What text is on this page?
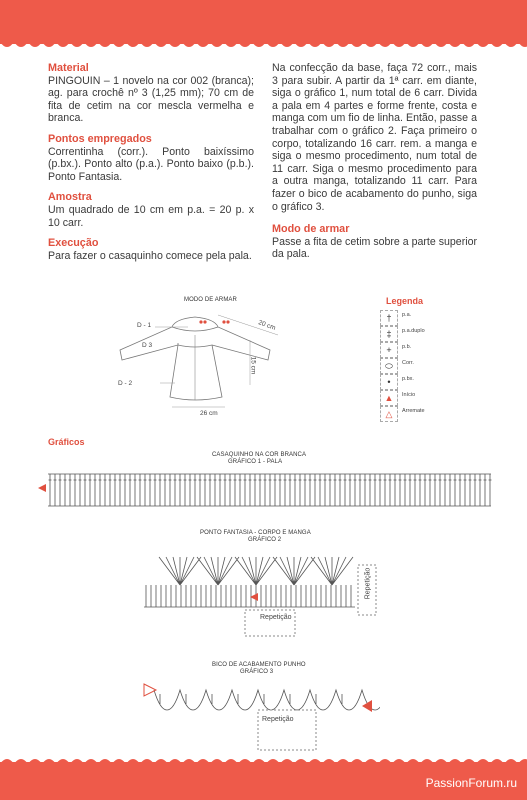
Material

PINGOUIN – 1 novelo na cor 002 (branca); ag. para crochê nº 3 (1,25 mm); 70 cm de fita de cetim na cor mescla vermelha e branca.

Pontos empregados

Correntinha (corr.). Ponto baixíssimo (p.bx.). Ponto alto (p.a.). Ponto baixo (p.b.). Ponto Fantasia.

Amostra

Um quadrado de 10 cm em p.a. = 20 p. x 10 carr.

Execução

Para fazer o casaquinho comece pela pala.

Na confecção da base, faça 72 corr., mais 3 para subir. A partir da 1ª carr. em diante, siga o gráfico 1, num total de 6 carr. Divida a pala em 4 partes e forme frente, costa e manga com um fio de linha. Então, passe a trabalhar com o gráfico 2. Faça primeiro o corpo, totalizando 16 carr. rem. a manga e siga o mesmo procedimento, num total de 11 carr. Siga o mesmo procedimento para a outra manga, totalizando 11 carr. Para fazer o bico de acabamento do punho, siga o gráfico 3.

Modo de armar

Passe a fita de cetim sobre a parte superior da pala.

MODO DE ARMAR
D - 1
D 3
D - 2
20 cm
15 cm
26 cm
Legenda
†	p.a.
‡	p.a.duplo
+	p.b.
⬭	Corr.
•	p.bx.
▲	Início
△	Arremate
Gráficos
CASAQUINHO NA COR BRANCA
GRÁFICO 1 - PALA
PONTO FANTASIA - CORPO E MANGA
GRÁFICO 2
Repetição
Repetição
BICO DE ACABAMENTO PUNHO
GRÁFICO 3
Repetição
PassionForum.ru
